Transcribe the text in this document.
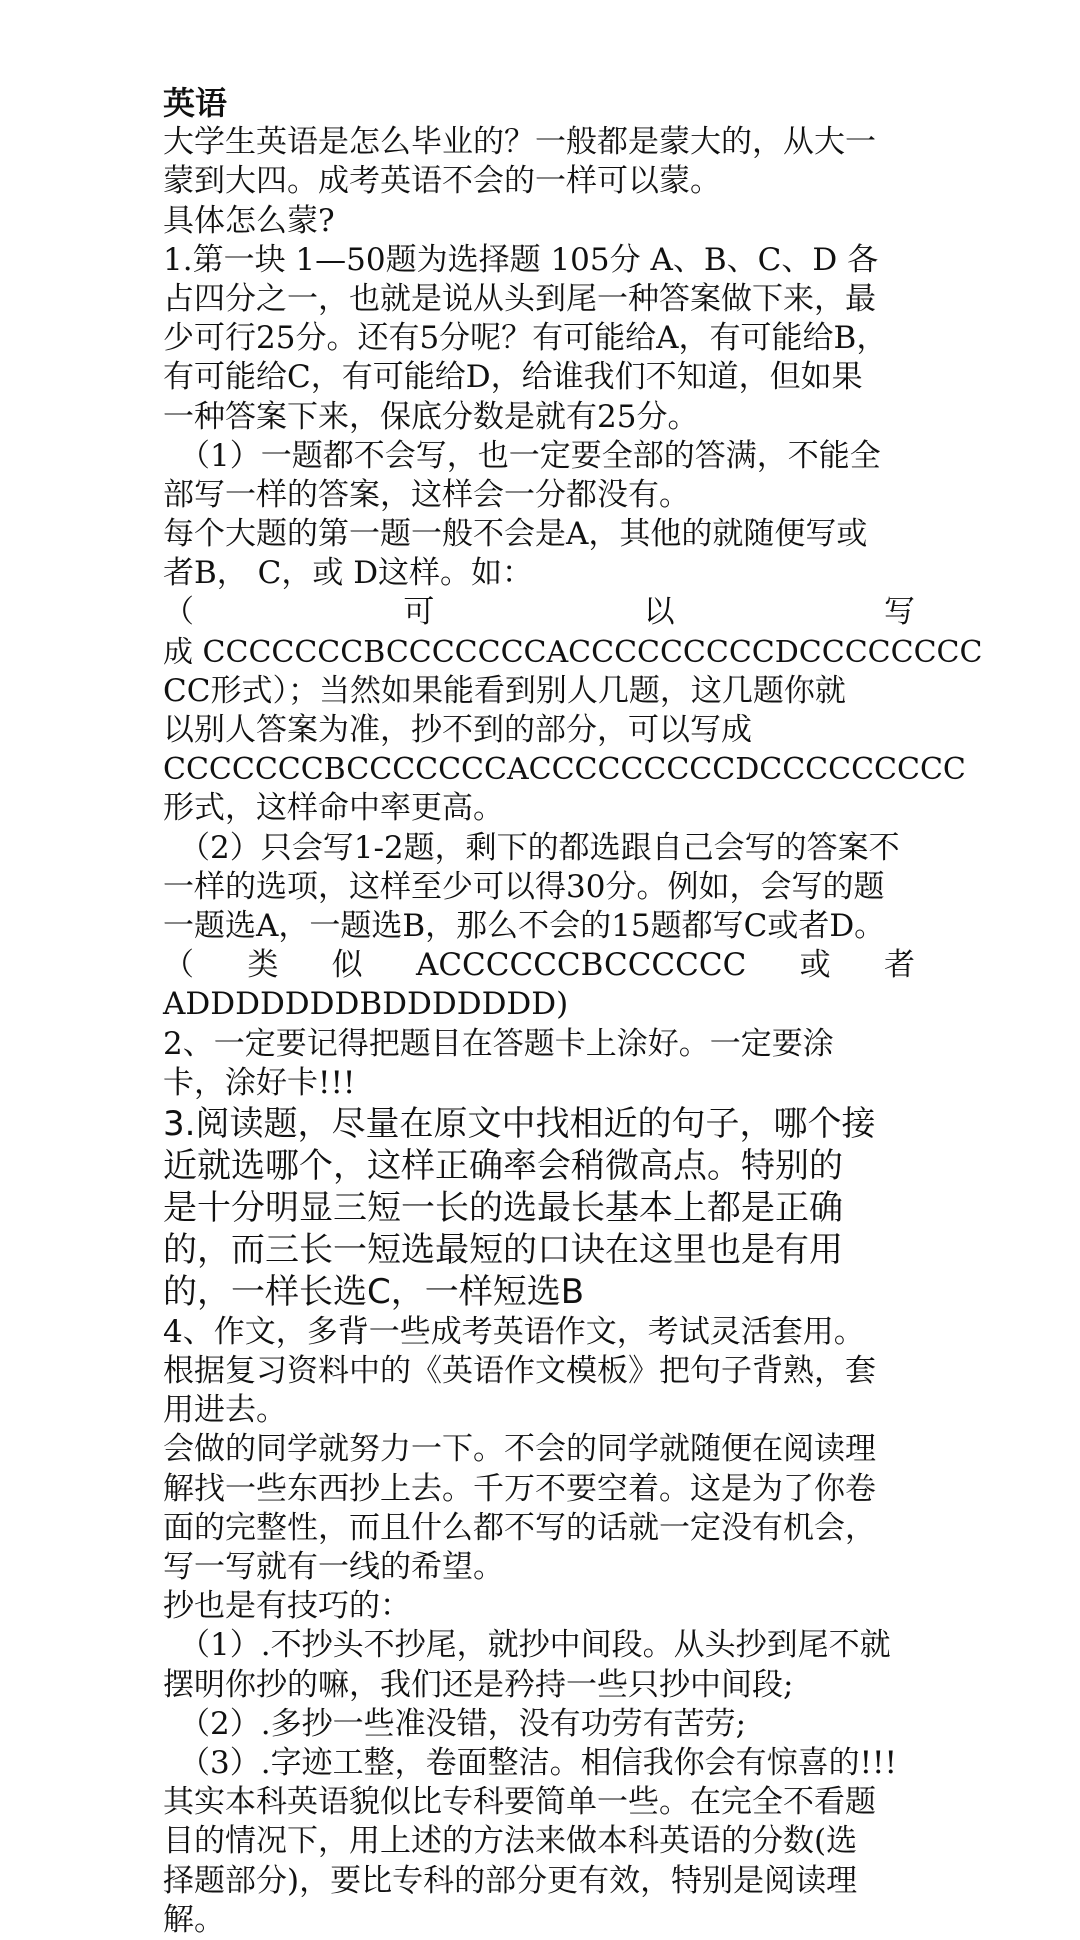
英语
大学生英语是怎么毕业的？一般都是蒙大的，从大一
蒙到大四。成考英语不会的一样可以蒙。
具体怎么蒙?
1.第一块 1—50题为选择题 105分 A、B、C、D 各
占四分之一，也就是说从头到尾一种答案做下来，最
少可行25分。还有5分呢？有可能给A，有可能给B，
有可能给C，有可能给D，给谁我们不知道，但如果
一种答案下来，保底分数是就有25分。
（1）一题都不会写，也一定要全部的答满，不能全
部写一样的答案，这样会一分都没有。
每个大题的第一题一般不会是A，其他的就随便写或
者B， C，或 D这样。如：
（	可	以	写
成 CCCCCCCBCCCCCCCACCCCCCCCCDCCCCCCCC
CC形式）；当然如果能看到别人几题，这几题你就
以别人答案为准，抄不到的部分，可以写成
CCCCCCCBCCCCCCCACCCCCCCCCDCCCCCCCCC
形式，这样命中率更高。
（2）只会写1-2题，剩下的都选跟自己会写的答案不
一样的选项，这样至少可以得30分。例如，会写的题
一题选A，一题选B，那么不会的15题都写C或者D。
（ 类 似 ACCCCCCBCCCCCC 或 者
ADDDDDDDBDDDDDDD)
2、一定要记得把题目在答题卡上涂好。一定要涂
卡，涂好卡!!!
3.阅读题，尽量在原文中找相近的句子，哪个接
近就选哪个，这样正确率会稍微高点。特别的
是十分明显三短一长的选最长基本上都是正确
的，而三长一短选最短的口诀在这里也是有用
的，一样长选C，一样短选B
4、作文，多背一些成考英语作文，考试灵活套用。
根据复习资料中的《英语作文模板》把句子背熟，套
用进去。
会做的同学就努力一下。不会的同学就随便在阅读理
解找一些东西抄上去。千万不要空着。这是为了你卷
面的完整性，而且什么都不写的话就一定没有机会，
写一写就有一线的希望。
抄也是有技巧的：
（1）.不抄头不抄尾，就抄中间段。从头抄到尾不就
摆明你抄的嘛，我们还是矜持一些只抄中间段;
（2）.多抄一些准没错，没有功劳有苦劳;
（3）.字迹工整，卷面整洁。相信我你会有惊喜的!!!
其实本科英语貌似比专科要简单一些。在完全不看题
目的情况下，用上述的方法来做本科英语的分数(选
择题部分)，要比专科的部分更有效，特别是阅读理
解。
